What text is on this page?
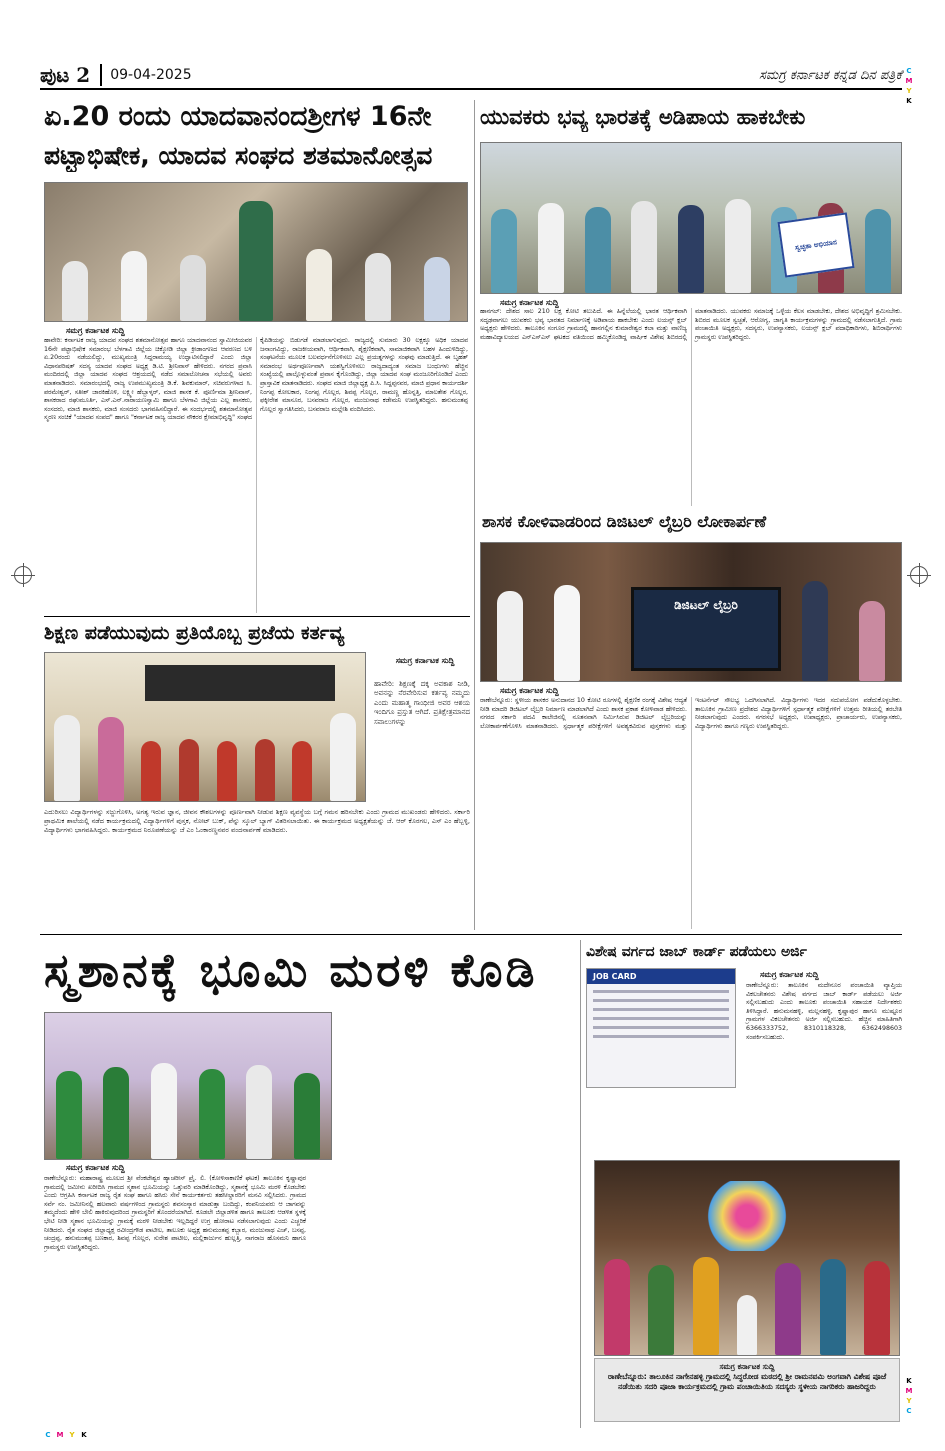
ಪುಟ 2	09-04-2025	ಸಮಗ್ರ ಕರ್ನಾಟಕ ಕನ್ನಡ ದಿನ ಪತ್ರಿಕೆ C
M
Y
K
K
M
Y
C
C M Y K
ಏ.20 ರಂದು ಯಾದವಾನಂದಶ್ರೀಗಳ 16ನೇ
ಪಟ್ಟಾಭಿಷೇಕ, ಯಾದವ ಸಂಘದ ಶತಮಾನೋತ್ಸವ
ಸಮಗ್ರ ಕರ್ನಾಟಕ ಸುದ್ದಿ
ಹಾವೇರಿ: ಕರ್ನಾಟಕ ರಾಜ್ಯ ಯಾದವ ಸಂಘದ ಶತಮಾನೋತ್ಸವ ಹಾಗೂ ಯಾದವಾನಂದ ಸ್ವಾಮೀಜಿಯವರ 16ನೇ ಪಟ್ಟಾಭಿಷೇಕ ಸಮಾರಂಭ ಬೆಳಗಾವಿ ಜಿಲ್ಲೆಯ ಚಿಕ್ಕೋಡಿ ಜಿಲ್ಲಾ ಕ್ರೀಡಾಂಗಣದ ಆವರಣದ ಬಳಿ ಏ.20ರಂದು ನಡೆಯಲಿದ್ದು, ಮುಖ್ಯಮಂತ್ರಿ ಸಿದ್ದರಾಮಯ್ಯ ಉದ್ಘಾಟಿಸಲಿದ್ದಾರೆ ಎಂದು ಜಿಲ್ಲಾ ವಿಧಾನಪರಿಷತ್ ಸದಸ್ಯ ಯಾದವ ಸಂಘದ ಅಧ್ಯಕ್ಷ ಡಿ.ಟಿ. ಶ್ರೀನಿವಾಸ್ ಹೇಳಿದರು. ನಗರದ ಪ್ರವಾಸಿ ಮಂದಿರದಲ್ಲಿ ಜಿಲ್ಲಾ ಯಾದವ ಸಂಘದ ಆಶ್ರಯದಲ್ಲಿ ನಡೆದ ಸಮಾಲೋಚನಾ ಸಭೆಯಲ್ಲಿ ಅವರು ಮಾತನಾಡಿದರು. ಸಮಾರಂಭದಲ್ಲಿ ರಾಜ್ಯ ಉಪಮುಖ್ಯಮಂತ್ರಿ ಡಿ.ಕೆ. ಶಿವಕುಮಾರ್, ಸಚಿವರುಗಳಾದ ಸಿ. ಪರಮೇಶ್ವರ್, ಸತೀಶ್ ಜಾರಕಿಹೊಳಿ, ಲಕ್ಷ್ಮೀ ಹೆಬ್ಬಾಳ್ಕರ್, ಮಾಜಿ ಶಾಸಕ ಕೆ. ಪೂರ್ಣಿಮಾ ಶ್ರೀನಿವಾಸ್, ಶಾಸಕರಾದ ರಘುಮೂರ್ತಿ, ಎಸ್.ಎನ್.ನಾರಾಯಣಸ್ವಾಮಿ ಹಾಗೂ ಬೆಳಗಾವಿ ಜಿಲ್ಲೆಯ ಎಲ್ಲ ಶಾಸಕರು, ಸಂಸದರು, ಮಾಜಿ ಶಾಸಕರು, ಮಾಜಿ ಸಂಸದರು ಭಾಗವಹಿಸಲಿದ್ದಾರೆ. ಈ ಸಂದರ್ಭದಲ್ಲಿ ಶತಮಾನೋತ್ಸವ ಸ್ಮರಣ ಸಂಚಿಕೆ "ಯಾದವ ಸಂಪದ" ಹಾಗೂ "ಕರ್ನಾಟಕ ರಾಜ್ಯ ಯಾದವ ನೌಕರರ ಕ್ಷೇಮಾಭಿವೃದ್ಧಿ" ಸಂಘದ ಕೈಪಿಡಿಯನ್ನು ಬಿಡುಗಡೆ ಮಾಡಲಾಗುವುದು. ರಾಜ್ಯದಲ್ಲಿ ಸುಮಾರು 30 ಲಕ್ಷಕ್ಕೂ ಅಧಿಕ ಯಾದವ ಜನಾಂಗವಿದ್ದು, ರಾಜಕೀಯವಾಗಿ, ಆರ್ಥಿಕವಾಗಿ, ಶೈಕ್ಷಣಿಕವಾಗಿ, ಸಾಮಾಜಿಕವಾಗಿ ಬಹಳ ಹಿಂದುಳಿದಿದ್ದು, ಸಂಘಟನೆಯ ಮೂಲಕ ಬಲವರ್ಧನೆಗೊಳಿಸಲು ಎಲ್ಲ ಪ್ರಯತ್ನಗಳನ್ನು ಸಂಘವು ಮಾಡುತ್ತಿದೆ. ಈ ಬೃಹತ್ ಸಮಾರಂಭ ಅರ್ಥಪೂರ್ಣವಾಗಿ ಯಶಸ್ವಿಗೊಳಿಸಲು ರಾಜ್ಯದಾದ್ಯಂತ ಸಮಾಜ ಬಂಧುಗಳು ಹೆಚ್ಚಿನ ಸಂಖ್ಯೆಯಲ್ಲಿ ಪಾಲ್ಗೊಳ್ಳುವಂತೆ ಪ್ರವಾಸ ಕೈಗೊಂಡಿದ್ದು, ಜಿಲ್ಲಾ ಯಾದವ ಸಂಘ ಮಂಜೂರಿಗೊಂಡಿದೆ ಎಂದು ಪ್ರಾಸ್ತಾವಿಕ ಮಾತನಾಡಿದರು. ಸಂಘದ ಮಾಜಿ ಜಿಲ್ಲಾಧ್ಯಕ್ಷ ಪಿ.ಸಿ. ಸಿದ್ದಪ್ಪನವರ, ಮಾಜಿ ಪ್ರಧಾನ ಕಾರ್ಯದರ್ಶಿ ನಿಂಗಪ್ಪ ಕೋಲಕಾರ, ನಿಂಗಪ್ಪ ಗೊಲ್ಲರ, ಶಿವಪ್ಪ ಗೊಲ್ಲರ, ರಾಮಣ್ಣ ಹೊನ್ನತ್ತಿ, ಮಾಲತೇಶ ಗೊಲ್ಲರ, ಫಕ್ಕೀರೇಶ ಮಾಸೂರ, ಬಸವರಾಜ ಗೊಲ್ಲರ, ಮಂಜುನಾಥ ಕಡೇಮನಿ ಉಪಸ್ಥಿತರಿದ್ದರು. ಹನುಮಂತಪ್ಪ ಗೊಲ್ಲರ ಸ್ವಾಗತಿಸಿದರು, ಬಸವರಾಜ ಮಲ್ಲೇಶಿ ವಂದಿಸಿದರು.
ಯುವಕರು ಭವ್ಯ ಭಾರತಕ್ಕೆ ಅಡಿಪಾಯ ಹಾಕಬೇಕು
ಸ್ವಚ್ಛತಾ ಅಭಿಯಾನ
ಸಮಗ್ರ ಕರ್ನಾಟಕ ಸುದ್ದಿ
ಹಾನಗಲ್: ದೇಶದ ಸಾಲ 210 ಲಕ್ಷ ಕೋಟಿ ತಲುಪಿದೆ. ಈ ಹಿನ್ನೆಲೆಯಲ್ಲಿ ಭಾರತ ಆರ್ಥಿಕವಾಗಿ ಸದೃಢವಾಗಲು ಯುವಕರು ಭವ್ಯ ಭಾರತದ ನಿರ್ಮಾಣಕ್ಕೆ ಅಡಿಪಾಯ ಹಾಕಬೇಕು ಎಂದು ಲಯನ್ಸ್ ಕ್ಲಬ್ ಅಧ್ಯಕ್ಷರು ಹೇಳಿದರು. ತಾಲೂಕಿನ ಸಂಗೂರ ಗ್ರಾಮದಲ್ಲಿ ಹಾನಗಲ್ಲಿನ ಕುಮಾರೇಶ್ವರ ಕಲಾ ಮತ್ತು ವಾಣಿಜ್ಯ ಮಹಾವಿದ್ಯಾಲಯದ ಎನ್ಎಸ್ಎಸ್ ಘಟಕದ ವತಿಯಿಂದ ಹಮ್ಮಿಕೊಂಡಿದ್ದ ವಾರ್ಷಿಕ ವಿಶೇಷ ಶಿಬಿರದಲ್ಲಿ ಮಾತನಾಡಿದರು. ಯುವಕರು ಸಮಾಜಕ್ಕೆ ಒಳ್ಳೆಯ ಕೆಲಸ ಮಾಡಬೇಕು, ದೇಶದ ಅಭಿವೃದ್ಧಿಗೆ ಶ್ರಮಿಸಬೇಕು. ಶಿಬಿರದ ಮೂಲಕ ಸ್ವಚ್ಛತೆ, ಆರೋಗ್ಯ, ಜಾಗೃತಿ ಕಾರ್ಯಕ್ರಮಗಳನ್ನು ಗ್ರಾಮದಲ್ಲಿ ನಡೆಸಲಾಗುತ್ತಿದೆ. ಗ್ರಾಮ ಪಂಚಾಯಿತಿ ಅಧ್ಯಕ್ಷರು, ಸದಸ್ಯರು, ಉಪನ್ಯಾಸಕರು, ಲಯನ್ಸ್ ಕ್ಲಬ್ ಪದಾಧಿಕಾರಿಗಳು, ಶಿಬಿರಾರ್ಥಿಗಳು ಗ್ರಾಮಸ್ಥರು ಉಪಸ್ಥಿತರಿದ್ದರು.
ಶಾಸಕ ಕೋಳಿವಾಡರಿಂದ ಡಿಜಿಟಲ್ ಲೈಬ್ರರಿ ಲೋಕಾರ್ಪಣೆ
ಡಿಜಿಟಲ್ ಲೈಬ್ರರಿ
ಸಮಗ್ರ ಕರ್ನಾಟಕ ಸುದ್ದಿ
ರಾಣೇಬೆನ್ನೂರು: ಸ್ಥಳೀಯ ಶಾಸಕರ ಅನುದಾನದ 10 ಕೋಟಿ ರೂಗಳಲ್ಲಿ ಶೈಕ್ಷಣಿಕ ರಂಗಕ್ಕೆ ವಿಶೇಷ ಆದ್ಯತೆ ನೀಡಿ ಮಾದರಿ ಡಿಜಿಟಲ್ ಲೈಬ್ರರಿ ನಿರ್ಮಾಣ ಮಾಡಲಾಗಿದೆ ಎಂದು ಶಾಸಕ ಪ್ರಕಾಶ ಕೋಳಿವಾಡ ಹೇಳಿದರು. ನಗರದ ಸರ್ಕಾರಿ ಪದವಿ ಕಾಲೇಜಿನಲ್ಲಿ ನೂತನವಾಗಿ ನಿರ್ಮಿಸಿರುವ ಡಿಜಿಟಲ್ ಲೈಬ್ರರಿಯನ್ನು ಲೋಕಾರ್ಪಣೆಗೊಳಿಸಿ ಮಾತನಾಡಿದರು. ಸ್ಪರ್ಧಾತ್ಮಕ ಪರೀಕ್ಷೆಗಳಿಗೆ ಅವಶ್ಯಕವಿರುವ ಪುಸ್ತಕಗಳು ಮತ್ತು ಇಂಟರ್ನೆಟ್ ಸೌಲಭ್ಯ ಒದಗಿಸಲಾಗಿದೆ. ವಿದ್ಯಾರ್ಥಿಗಳು ಇದರ ಸದುಪಯೋಗ ಪಡೆದುಕೊಳ್ಳಬೇಕು. ತಾಲೂಕಿನ ಗ್ರಾಮೀಣ ಪ್ರದೇಶದ ವಿದ್ಯಾರ್ಥಿಗಳಿಗೆ ಸ್ಪರ್ಧಾತ್ಮಕ ಪರೀಕ್ಷೆಗಳಿಗೆ ಉತ್ತಮ ರೀತಿಯಲ್ಲಿ ತರಬೇತಿ ನೀಡಲಾಗುವುದು ಎಂದರು. ನಗರಸಭೆ ಅಧ್ಯಕ್ಷರು, ಉಪಾಧ್ಯಕ್ಷರು, ಪ್ರಾಚಾರ್ಯರು, ಉಪನ್ಯಾಸಕರು, ವಿದ್ಯಾರ್ಥಿಗಳು ಹಾಗೂ ಗಣ್ಯರು ಉಪಸ್ಥಿತರಿದ್ದರು.
ಶಿಕ್ಷಣ ಪಡೆಯುವುದು ಪ್ರತಿಯೊಬ್ಬ ಪ್ರಜೆಯ ಕರ್ತವ್ಯ
ಸಮಗ್ರ ಕರ್ನಾಟಕ ಸುದ್ದಿ
ಹಾವೇರಿ: ಶಿಕ್ಷಣಕ್ಕೆ ದಕ್ಕ ಅವಕಾಶ ನೀಡಿ, ಅವನನ್ನು ನೆರವೇರಿಸುವ ಕರ್ತವ್ಯ ನಮ್ಮದು ಎಂದು ಮಹಾತ್ಮ ಗಾಂಧೀಜಿ ಅವರ ಆಶಯ ಇಂದಿಗೂ ಪ್ರಸ್ತುತ ಆಗಿದೆ. ಪ್ರತಿಕ್ಷೇತ್ರಮಾನದ ಸವಾಲುಗಳನ್ನು
ಎದುರಿಸಲು ವಿದ್ಯಾರ್ಥಿಗಳನ್ನು ಸಜ್ಜುಗೊಳಿಸಿ, ಅಗತ್ಯ ಇರುವ ಜ್ಞಾನ, ಜೀವನ ಕೌಶಲಗಳನ್ನು ಪೂರ್ಣವಾಗಿ ನೀಡುವ ಶಿಕ್ಷಣ ವ್ಯವಸ್ಥೆಯ ಬಗ್ಗೆ ಗಮನ ಹರಿಸಬೇಕು ಎಂದು ಗ್ರಾಮದ ಮುಖಂಡರು ಹೇಳಿದರು. ಸರ್ಕಾರಿ ಪ್ರಾಥಮಿಕ ಶಾಲೆಯಲ್ಲಿ ನಡೆದ ಕಾರ್ಯಕ್ರಮದಲ್ಲಿ ವಿದ್ಯಾರ್ಥಿಗಳಿಗೆ ಪುಸ್ತಕ, ನೋಟ್ ಬುಕ್, ಪೆನ್ನು ಸ್ಕೂಲ್ ಬ್ಯಾಗ್ ವಿತರಿಸಲಾಯಿತು. ಈ ಕಾರ್ಯಕ್ರಮದ ಅಧ್ಯಕ್ಷತೆಯನ್ನು ಜೆ. ಆರ್ ಕೊರಗಲ, ಎಸ್ ಎಂ ಹೆಬ್ಬಳ್ಳಿ, ವಿದ್ಯಾರ್ಥಿಗಳು ಭಾಗವಹಿಸಿದ್ದರು. ಕಾರ್ಯಕ್ರಮದ ನಿರೂಪಣೆಯನ್ನು ಜೆ ಎಂ ಓಂಕಾರಣ್ಣನವರ ವಂದನಾರ್ಪಣೆ ಮಾಡಿದರು.
ಸ್ಮಶಾನಕ್ಕೆ ಭೂಮಿ ಮರಳಿ ಕೊಡಿ
ಸಮಗ್ರ ಕರ್ನಾಟಕ ಸುದ್ದಿ
ರಾಣೇಬೆನ್ನೂರು: ಮಹಾರಾಷ್ಟ್ರ ಮೂಲದ ಶ್ರೀ ವೆಂಕಟೇಶ್ವರ ಹ್ಯಾಚರೀಸ್ ಪ್ರೈ. ಲಿ. (ಕೋಳಿಸಾಕಾಣಿಕೆ ಘಟಕ) ತಾಲೂಕಿನ ಕೃಷ್ಣಾಪುರ ಗ್ರಾಮದಲ್ಲಿ ಜಮೀನು ಖರೀದಿಸಿ ಗ್ರಾಮದ ಸ್ಮಶಾನ ಭೂಮಿಯನ್ನು ಒತ್ತುವರಿ ಮಾಡಿಕೊಂಡಿದ್ದು, ಸ್ಮಶಾನಕ್ಕೆ ಭೂಮಿ ಮರಳಿ ಕೊಡಬೇಕು ಎಂದು ಆಗ್ರಹಿಸಿ ಕರ್ನಾಟಕ ರಾಜ್ಯ ರೈತ ಸಂಘ ಹಾಗೂ ಹಸಿರು ಸೇನೆ ಕಾರ್ಯಕರ್ತರು ತಹಸೀಲ್ದಾರರಿಗೆ ಮನವಿ ಸಲ್ಲಿಸಿದರು. ಗ್ರಾಮದ ಸರ್ವೆ ನಂ. ಜಮೀನಿನಲ್ಲಿ ಹಲವಾರು ವರ್ಷಗಳಿಂದ ಗ್ರಾಮಸ್ಥರು ಶವಸಂಸ್ಕಾರ ಮಾಡುತ್ತಾ ಬಂದಿದ್ದು, ಕಂಪನಿಯವರು ಆ ಜಾಗವನ್ನು ತಮ್ಮದೆಂದು ಹೇಳಿ ಬೇಲಿ ಹಾಕಿರುವುದರಿಂದ ಗ್ರಾಮಸ್ಥರಿಗೆ ತೊಂದರೆಯಾಗಿದೆ. ಕೂಡಲೇ ಜಿಲ್ಲಾಡಳಿತ ಹಾಗೂ ತಾಲೂಕು ಆಡಳಿತ ಸ್ಥಳಕ್ಕೆ ಭೇಟಿ ನೀಡಿ ಸ್ಮಶಾನ ಭೂಮಿಯನ್ನು ಗ್ರಾಮಕ್ಕೆ ಮರಳಿ ನೀಡಬೇಕು ಇಲ್ಲದಿದ್ದರೆ ಉಗ್ರ ಹೋರಾಟ ನಡೆಸಲಾಗುವುದು ಎಂದು ಎಚ್ಚರಿಕೆ ನೀಡಿದರು. ರೈತ ಸಂಘದ ಜಿಲ್ಲಾಧ್ಯಕ್ಷ ರವೀಂದ್ರಗೌಡ ಪಾಟೀಲ, ತಾಲೂಕು ಅಧ್ಯಕ್ಷ ಹನುಮಂತಪ್ಪ ಕಬ್ಬಾರ, ಮಂಜುನಾಥ ಎಚ್, ಬಸಪ್ಪ, ಚಂದ್ರಪ್ಪ, ಹನುಮಂತಪ್ಪ ಬಣಕಾರ, ಶಿವಪ್ಪ ಗೊಲ್ಲರ, ಸುರೇಶ ಪಾಟೀಲ, ಮಲ್ಲಿಕಾರ್ಜುನ ಹುಲ್ಲತ್ತಿ, ನಾಗರಾಜ ಹೊಸಮನಿ ಹಾಗೂ ಗ್ರಾಮಸ್ಥರು ಉಪಸ್ಥಿತರಿದ್ದರು.
ವಿಶೇಷ ವರ್ಗದ ಜಾಬ್ ಕಾರ್ಡ್ ಪಡೆಯಲು ಅರ್ಜಿ
JOB CARD	ಸಮಗ್ರ ಕರ್ನಾಟಕ ಸುದ್ದಿ
ರಾಣೇಬೆನ್ನೂರು: ತಾಲೂಕಿನ ಮದೇನೂರ ಪಂಚಾಯಿತಿ ವ್ಯಾಪ್ತಿಯ ವಿಕಲಚೇತನರು ವಿಶೇಷ ವರ್ಗದ ಜಾಬ್ ಕಾರ್ಡ್ ಪಡೆಯಲು ಅರ್ಜಿ ಸಲ್ಲಿಸಬಹುದು ಎಂದು ತಾಲೂಕು ಪಂಚಾಯಿತಿ ಸಹಾಯಕ ನಿರ್ದೇಶಕರು ತಿಳಿಸಿದ್ದಾರೆ. ಹನುಮನಹಳ್ಳಿ, ಮಲ್ಲನಹಳ್ಳಿ, ಕೃಷ್ಣಾಪುರ ಹಾಗೂ ಮುಷ್ಟೂರ ಗ್ರಾಮಗಳ ವಿಕಲಚೇತನರು ಅರ್ಜಿ ಸಲ್ಲಿಸಬಹುದು. ಹೆಚ್ಚಿನ ಮಾಹಿತಿಗಾಗಿ 6366333752, 8310118328, 6362498603 ಸಂಪರ್ಕಿಸಬಹುದು.
ಸಮಗ್ರ ಕರ್ನಾಟಕ ಸುದ್ದಿ
ರಾಣೇಬೆನ್ನೂರು: ತಾಲೂಕಿನ ನಾಗೇನಹಳ್ಳಿ ಗ್ರಾಮದಲ್ಲಿ ಸಿದ್ಧರೋಡ ಮಠದಲ್ಲಿ ಶ್ರೀ ರಾಮನವಮಿ ಅಂಗವಾಗಿ ವಿಶೇಷ ಪೂಜೆ ನಡೆಯಿತು ಸದರಿ ಪೂಜಾ ಕಾರ್ಯಕ್ರಮದಲ್ಲಿ ಗ್ರಾಮ ಪಂಚಾಯಿತಿಯ ಸದಸ್ಯರು ಸ್ಥಳೀಯ ನಾಗರಿಕರು ಹಾಜರಿದ್ದರು
